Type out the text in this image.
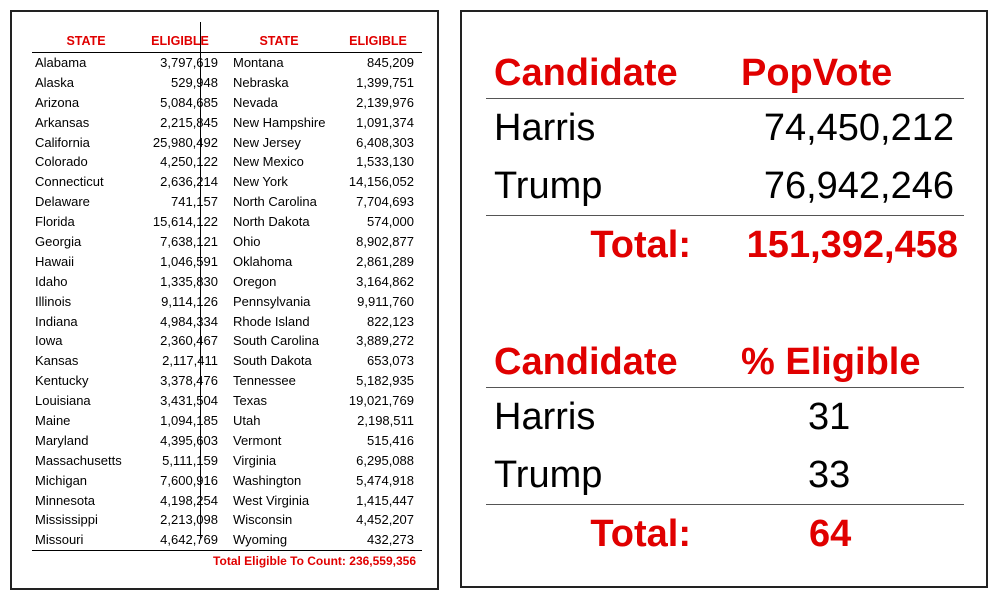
STATE	ELIGIBLE	STATE	ELIGIBLE
Alabama	3,797,619	Montana	845,209
Alaska	529,948	Nebraska	1,399,751
Arizona	5,084,685	Nevada	2,139,976
Arkansas	2,215,845	New Hampshire	1,091,374
California	25,980,492	New Jersey	6,408,303
Colorado	4,250,122	New Mexico	1,533,130
Connecticut	2,636,214	New York	14,156,052
Delaware	741,157	North Carolina	7,704,693
Florida	15,614,122	North Dakota	574,000
Georgia	7,638,121	Ohio	8,902,877
Hawaii	1,046,591	Oklahoma	2,861,289
Idaho	1,335,830	Oregon	3,164,862
Illinois	9,114,126	Pennsylvania	9,911,760
Indiana	4,984,334	Rhode Island	822,123
Iowa	2,360,467	South Carolina	3,889,272
Kansas	2,117,411	South Dakota	653,073
Kentucky	3,378,476	Tennessee	5,182,935
Louisiana	3,431,504	Texas	19,021,769
Maine	1,094,185	Utah	2,198,511
Maryland	4,395,603	Vermont	515,416
Massachusetts	5,111,159	Virginia	6,295,088
Michigan	7,600,916	Washington	5,474,918
Minnesota	4,198,254	West Virginia	1,415,447
Mississippi	2,213,098	Wisconsin	4,452,207
Missouri	4,642,769	Wyoming	432,273
Total Eligible To Count: 236,559,356
Candidate	PopVote
Harris	74,450,212
Trump	76,942,246
Total:	151,392,458
Candidate	% Eligible
Harris	31
Trump	33
Total:	64
